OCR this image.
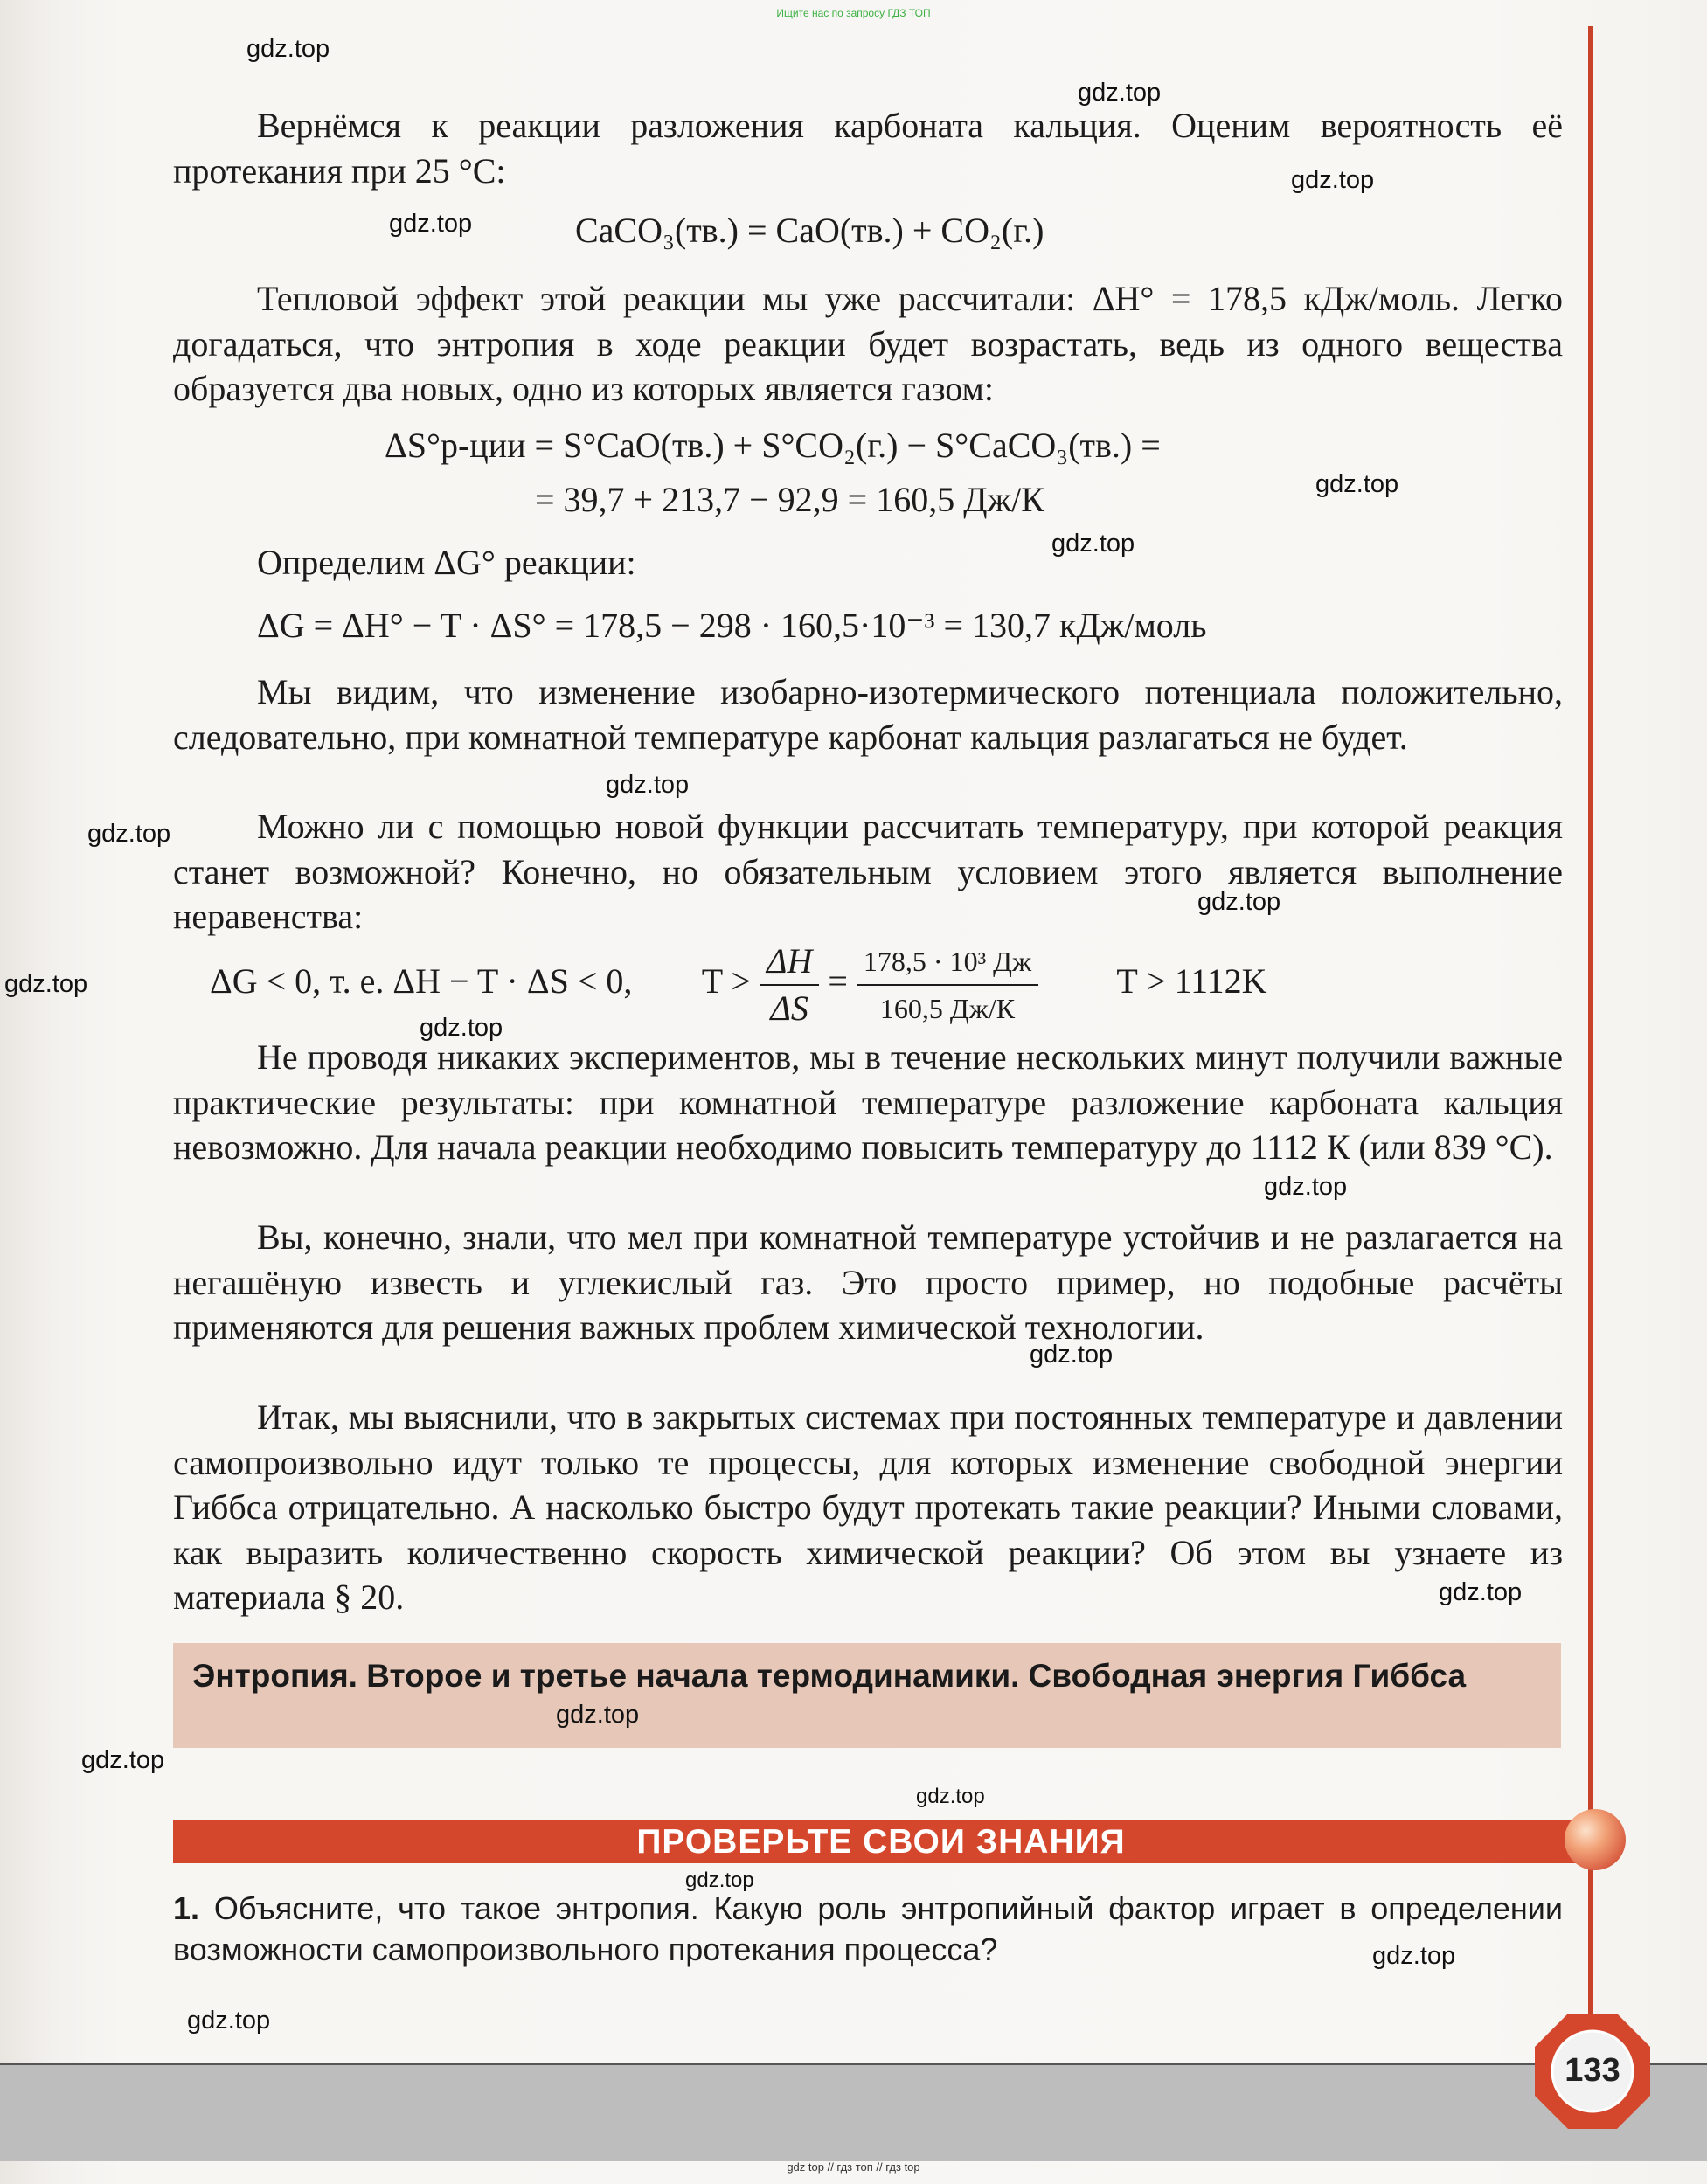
Ищите нас по запросу ГДЗ ТОП

Вернёмся к реакции разложения карбоната кальция. Оценим вероятность её протекания при 25 °C:

CaCO₃(тв.) = CaO(тв.) + CO₂(г.)

Тепловой эффект этой реакции мы уже рассчитали: ΔH° = 178,5 кДж/моль. Легко догадаться, что энтропия в ходе реакции будет возрастать, ведь из одного вещества образуется два новых, одно из которых является газом:

ΔS°р-ции = S°CaO(тв.) + S°CO₂(г.) − S°CaCO₃(тв.) =
= 39,7 + 213,7 − 92,9 = 160,5 Дж/К

Определим ΔG° реакции:

ΔG = ΔH° − T · ΔS° = 178,5 − 298 · 160,5·10⁻³ = 130,7 кДж/моль

Мы видим, что изменение изобарно-изотермического потенциала положительно, следовательно, при комнатной температуре карбонат кальция разлагаться не будет.

Можно ли с помощью новой функции рассчитать температуру, при которой реакция станет возможной? Конечно, но обязательным условием этого является выполнение неравенства:

ΔG < 0, т. е. ΔH − T · ΔS < 0, $T > \frac{\Delta H}{\Delta S} = \frac{\text{178,5 · 10³ Дж}}{160,5 Дж/К}$ T > 1112K

Не проводя никаких экспериментов, мы в течение нескольких минут получили важные практические результаты: при комнатной температуре разложение карбоната кальция невозможно. Для начала реакции необходимо повысить температуру до 1112 К (или 839 °C).

Вы, конечно, знали, что мел при комнатной температуре устойчив и не разлагается на негашёную известь и углекислый газ. Это просто пример, но подобные расчёты применяются для решения важных проблем химической технологии.

Итак, мы выяснили, что в закрытых системах при постоянных температуре и давлении самопроизвольно идут только те процессы, для которых изменение свободной энергии Гиббса отрицательно. А насколько быстро будут протекать такие реакции? Иными словами, как выразить количественно скорость химической реакции? Об этом вы узнаете из материала § 20.

Энтропия. Второе и третье начала термодинамики. Свободная энергия Гиббса
ПРОВЕРЬТЕ СВОИ ЗНАНИЯ
1. Объясните, что такое энтропия. Какую роль энтропийный фактор играет в определении возможности самопроизвольного протекания процесса?
133
gdz.top
gdz.top
gdz.top
gdz.top
gdz.top
gdz.top
gdz.top
gdz.top
gdz.top
gdz.top
gdz.top
gdz.top
gdz.top
gdz.top
gdz.top
gdz.top
gdz.top
gdz.top
gdz.top
gdz.top
gdz top // гдз топ // гдз top
